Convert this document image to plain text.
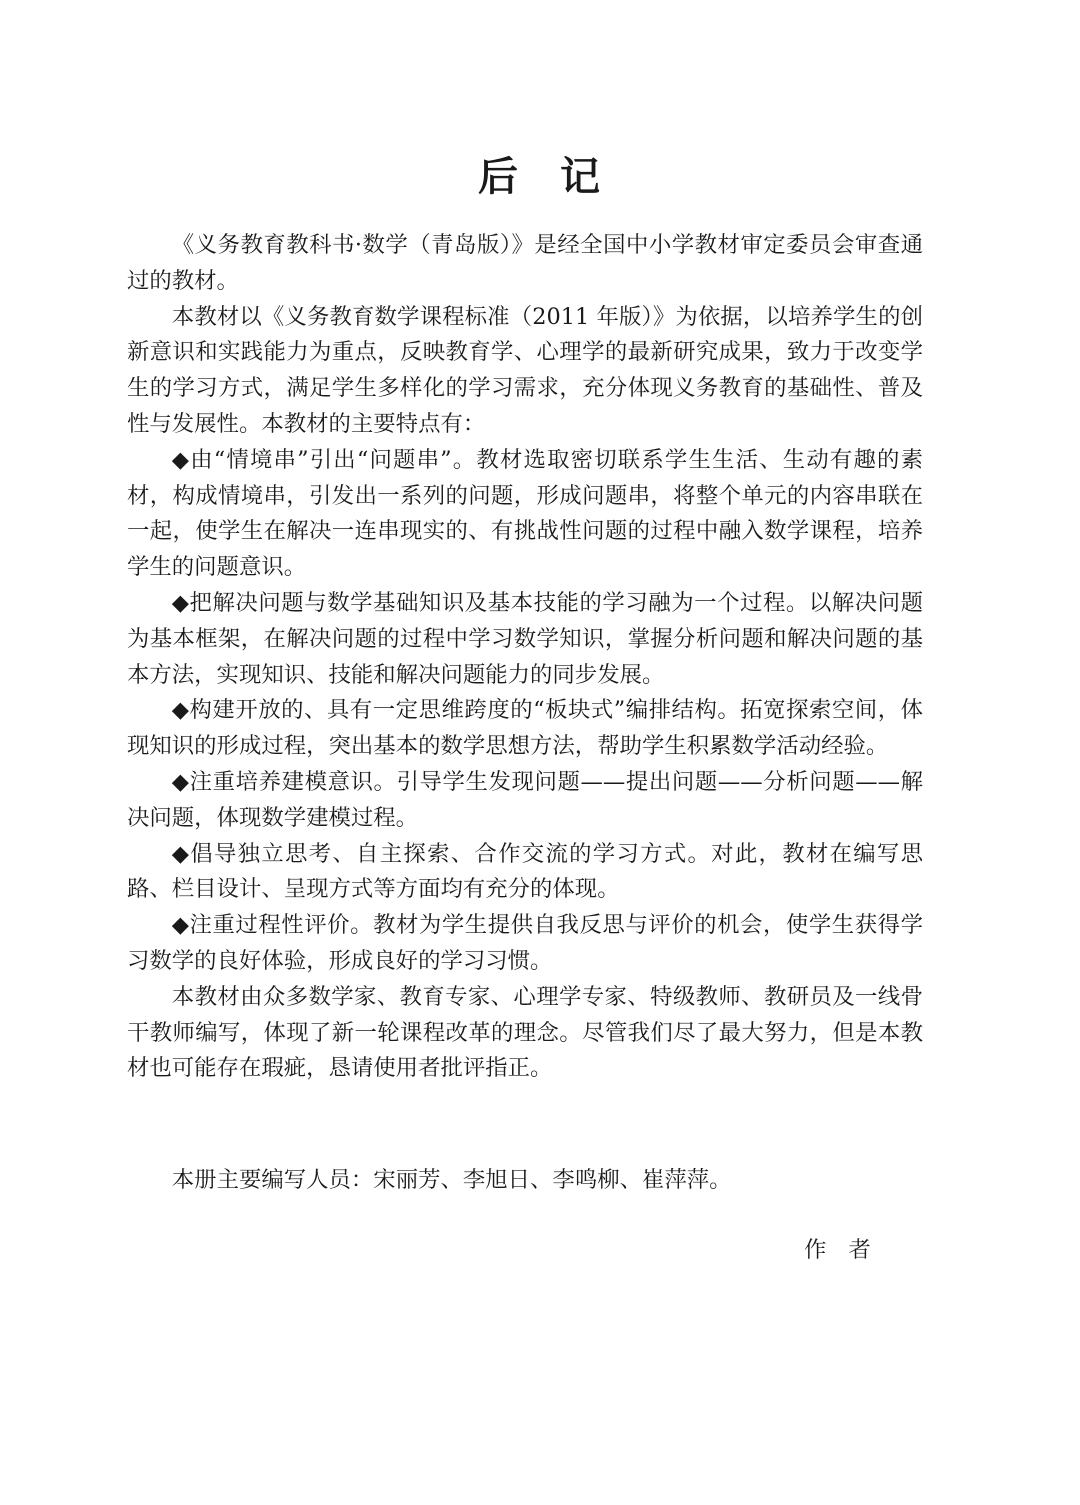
后 记

《义务教育教科书·数学（青岛版）》是经全国中小学教材审定委员会审查通过的教材。

本教材以《义务教育数学课程标准（2011 年版）》为依据，以培养学生的创新意识和实践能力为重点，反映教育学、心理学的最新研究成果，致力于改变学生的学习方式，满足学生多样化的学习需求，充分体现义务教育的基础性、普及性与发展性。本教材的主要特点有：

◆由“情境串”引出“问题串”。教材选取密切联系学生生活、生动有趣的素材，构成情境串，引发出一系列的问题，形成问题串，将整个单元的内容串联在一起，使学生在解决一连串现实的、有挑战性问题的过程中融入数学课程，培养学生的问题意识。

◆把解决问题与数学基础知识及基本技能的学习融为一个过程。以解决问题为基本框架，在解决问题的过程中学习数学知识，掌握分析问题和解决问题的基本方法，实现知识、技能和解决问题能力的同步发展。

◆构建开放的、具有一定思维跨度的“板块式”编排结构。拓宽探索空间，体现知识的形成过程，突出基本的数学思想方法，帮助学生积累数学活动经验。

◆注重培养建模意识。引导学生发现问题——提出问题——分析问题——解决问题，体现数学建模过程。

◆倡导独立思考、自主探索、合作交流的学习方式。对此，教材在编写思路、栏目设计、呈现方式等方面均有充分的体现。

◆注重过程性评价。教材为学生提供自我反思与评价的机会，使学生获得学习数学的良好体验，形成良好的学习习惯。

本教材由众多数学家、教育专家、心理学专家、特级教师、教研员及一线骨干教师编写，体现了新一轮课程改革的理念。尽管我们尽了最大努力，但是本教材也可能存在瑕疵，恳请使用者批评指正。

本册主要编写人员：宋丽芳、李旭日、李鸣柳、崔萍萍。
作者
